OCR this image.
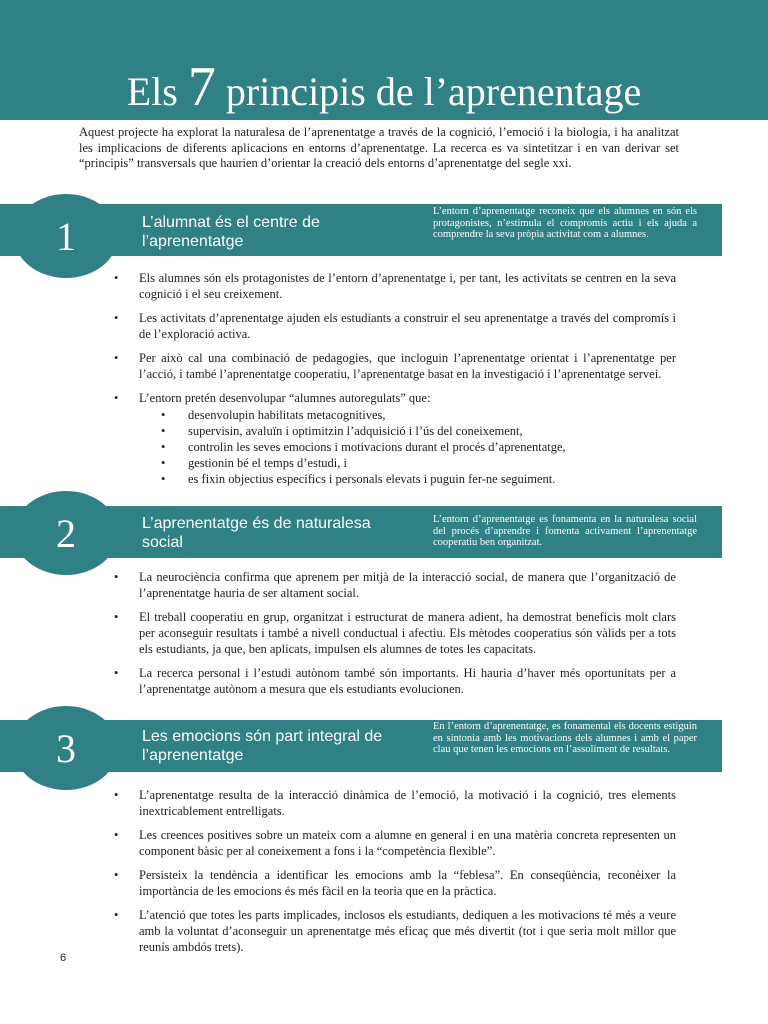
Els 7 principis de l’aprenentage

Aquest projecte ha explorat la naturalesa de l’aprenentatge a través de la cognició, l’emoció i la biologia, i ha analitzat les implicacions de diferents aplicacions en entorns d’aprenentatge. La recerca es va sintetitzar i en van derivar set “principis” transversals que haurien d’orientar la creació dels entorns d’aprenentatge del segle xxi.

1	L’alumnat és el centre de l’aprenentatge
L’entorn d’aprenentatge reconeix que els alumnes en són els protagonistes, n’estimula el compromís actiu i els ajuda a comprendre la seva pròpia activitat com a alumnes.
• Els alumnes són els protagonistes de l’entorn d’aprenentatge i, per tant, les activitats se centren en la seva cognició i el seu creixement.
• Les activitats d’aprenentatge ajuden els estudiants a construir el seu aprenentatge a través del compromís i de l’exploració activa.
• Per això cal una combinació de pedagogies, que incloguin l’aprenentatge orientat i l’aprenentatge per l’acció, i també l’aprenentatge cooperatiu, l’aprenentatge basat en la investigació i l’aprenentatge servei.
• L’entorn pretén desenvolupar “alumnes autoregulats” que:
• desenvolupin habilitats metacognitives,
• supervisin, avaluïn i optimitzin l’adquisició i l’ús del coneixement,
• controlin les seves emocions i motivacions durant el procés d’aprenentatge,
• gestionin bé el temps d’estudi, i
• es fixin objectius específics i personals elevats i puguin fer-ne seguiment.
2	L’aprenentatge és de naturalesa social
L’entorn d’aprenentatge es fonamenta en la naturalesa social del procés d’aprendre i fomenta activament l’aprenentatge cooperatiu ben organitzat.
• La neurociència confirma que aprenem per mitjà de la interacció social, de manera que l’organització de l’aprenentatge hauria de ser altament social.
• El treball cooperatiu en grup, organitzat i estructurat de manera adient, ha demostrat beneficis molt clars per aconseguir resultats i també a nivell conductual i afectiu. Els mètodes cooperatius són vàlids per a tots els estudiants, ja que, ben aplicats, impulsen els alumnes de totes les capacitats.
• La recerca personal i l’estudi autònom també són importants. Hi hauria d’haver més oportunitats per a l’aprenentatge autònom a mesura que els estudiants evolucionen.
3	Les emocions són part integral de l’aprenentatge
En l’entorn d’aprenentatge, es fonamental els docents estiguin en sintonia amb les motivacions dels alumnes i amb el paper clau que tenen les emocions en l’assoliment de resultats.
• L’aprenentatge resulta de la interacció dinàmica de l’emoció, la motivació i la cognició, tres elements inextricablement entrelligats.
• Les creences positives sobre un mateix com a alumne en general i en una matèria concreta representen un component bàsic per al coneixement a fons i la “competència flexible”.
• Persisteix la tendència a identificar les emocions amb la “feblesa”. En conseqüència, reconèixer la importància de les emocions és més fàcil en la teoria que en la pràctica.
• L’atenció que totes les parts implicades, inclosos els estudiants, dediquen a les motivacions té més a veure amb la voluntat d’aconseguir un aprenentatge més eficaç que més divertit (tot i que seria molt millor que reunís ambdós trets).
6
